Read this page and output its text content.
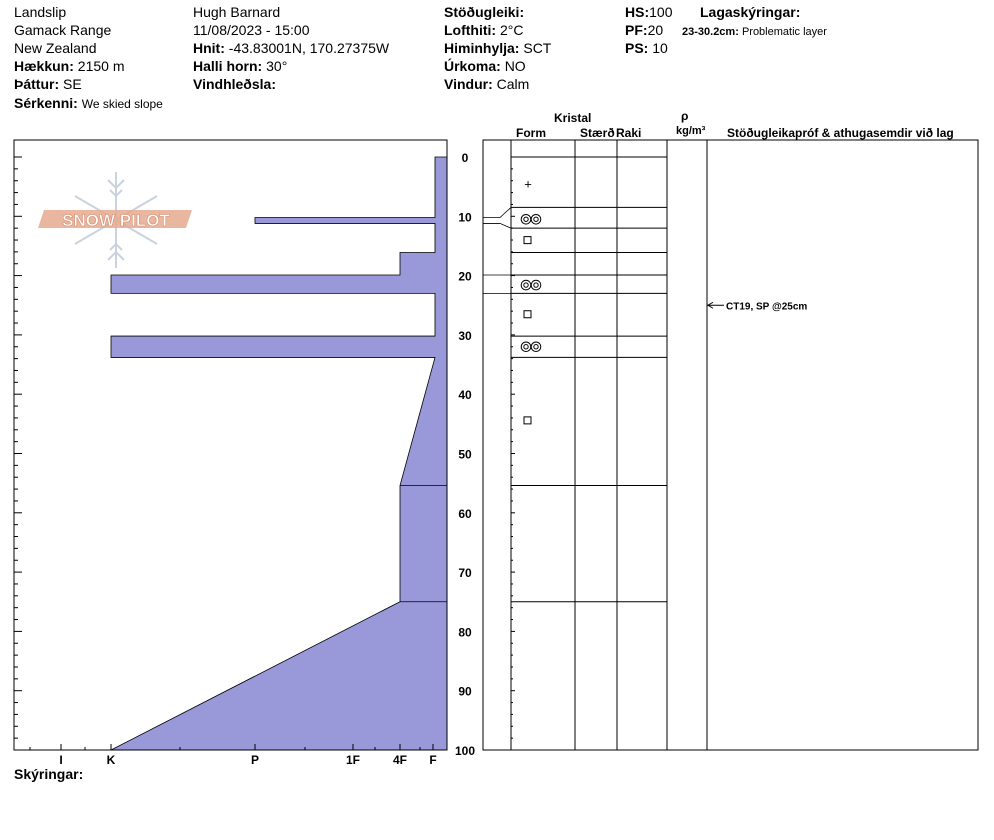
Landslip
Gamack Range
New Zealand
Hækkun: 2150 m
Þáttur: SE
Sérkenni: We skied slope
Hugh Barnard
11/08/2023 - 15:00
Hnit: -43.83001N, 170.27375W
Halli horn: 30°
Vindhleðsla:
Stöðugleiki:
Lofthiti: 2°C
Himinhylja: SCT
Úrkoma: NO
Vindur: Calm
HS:100
PF:20
PS: 10
Lagaskýringar:
23-30.2cm: Problematic layer
Kristal
Form	Stærð Raki
ρ
kg/m³ Stöðugleikapróf & athugasemdir við lag
SNOW PILOT
0
10
20
30
40
50
60
70
80
90
100
I	K	P	1F	4F F
+
CT19, SP @25cm
Skýringar:
